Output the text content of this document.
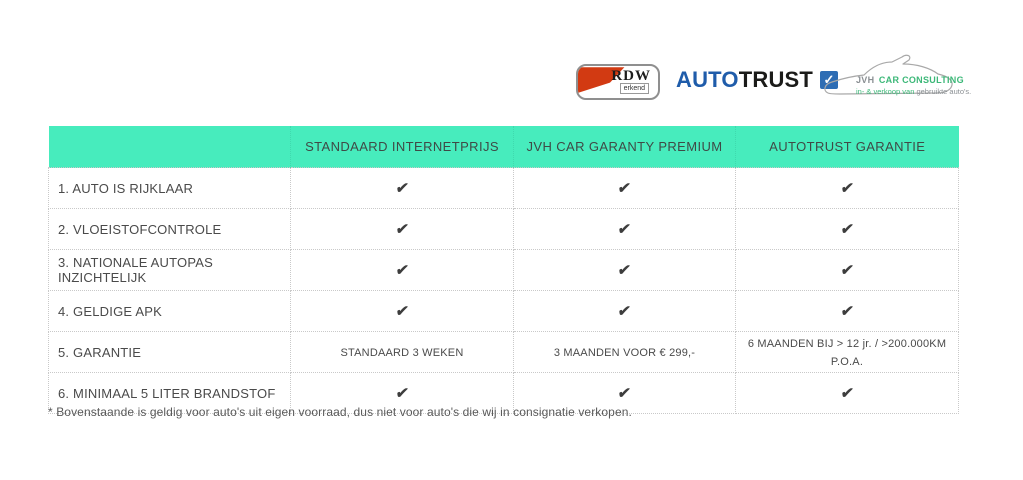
RDW
erkend AUTO TRUST ✓	JVH CAR CONSULTING
in- & verkoop van gebruikte auto's.
	STANDAARD INTERNETPRIJS	JVH CAR GARANTY PREMIUM	AUTOTRUST GARANTIE
1. AUTO IS RIJKLAAR	✔	✔	✔
2. VLOEISTOFCONTROLE	✔	✔	✔
3. NATIONALE AUTOPAS INZICHTELIJK	✔	✔	✔
4. GELDIGE APK	✔	✔	✔
5. GARANTIE	STANDAARD 3 WEKEN	3 MAANDEN VOOR € 299,-	6 MAANDEN BIJ > 12 jr. / >200.000KM P.O.A.
6. MINIMAAL 5 LITER BRANDSTOF	✔	✔	✔
* Bovenstaande is geldig voor auto's uit eigen voorraad, dus niet voor auto's die wij in consignatie verkopen.
